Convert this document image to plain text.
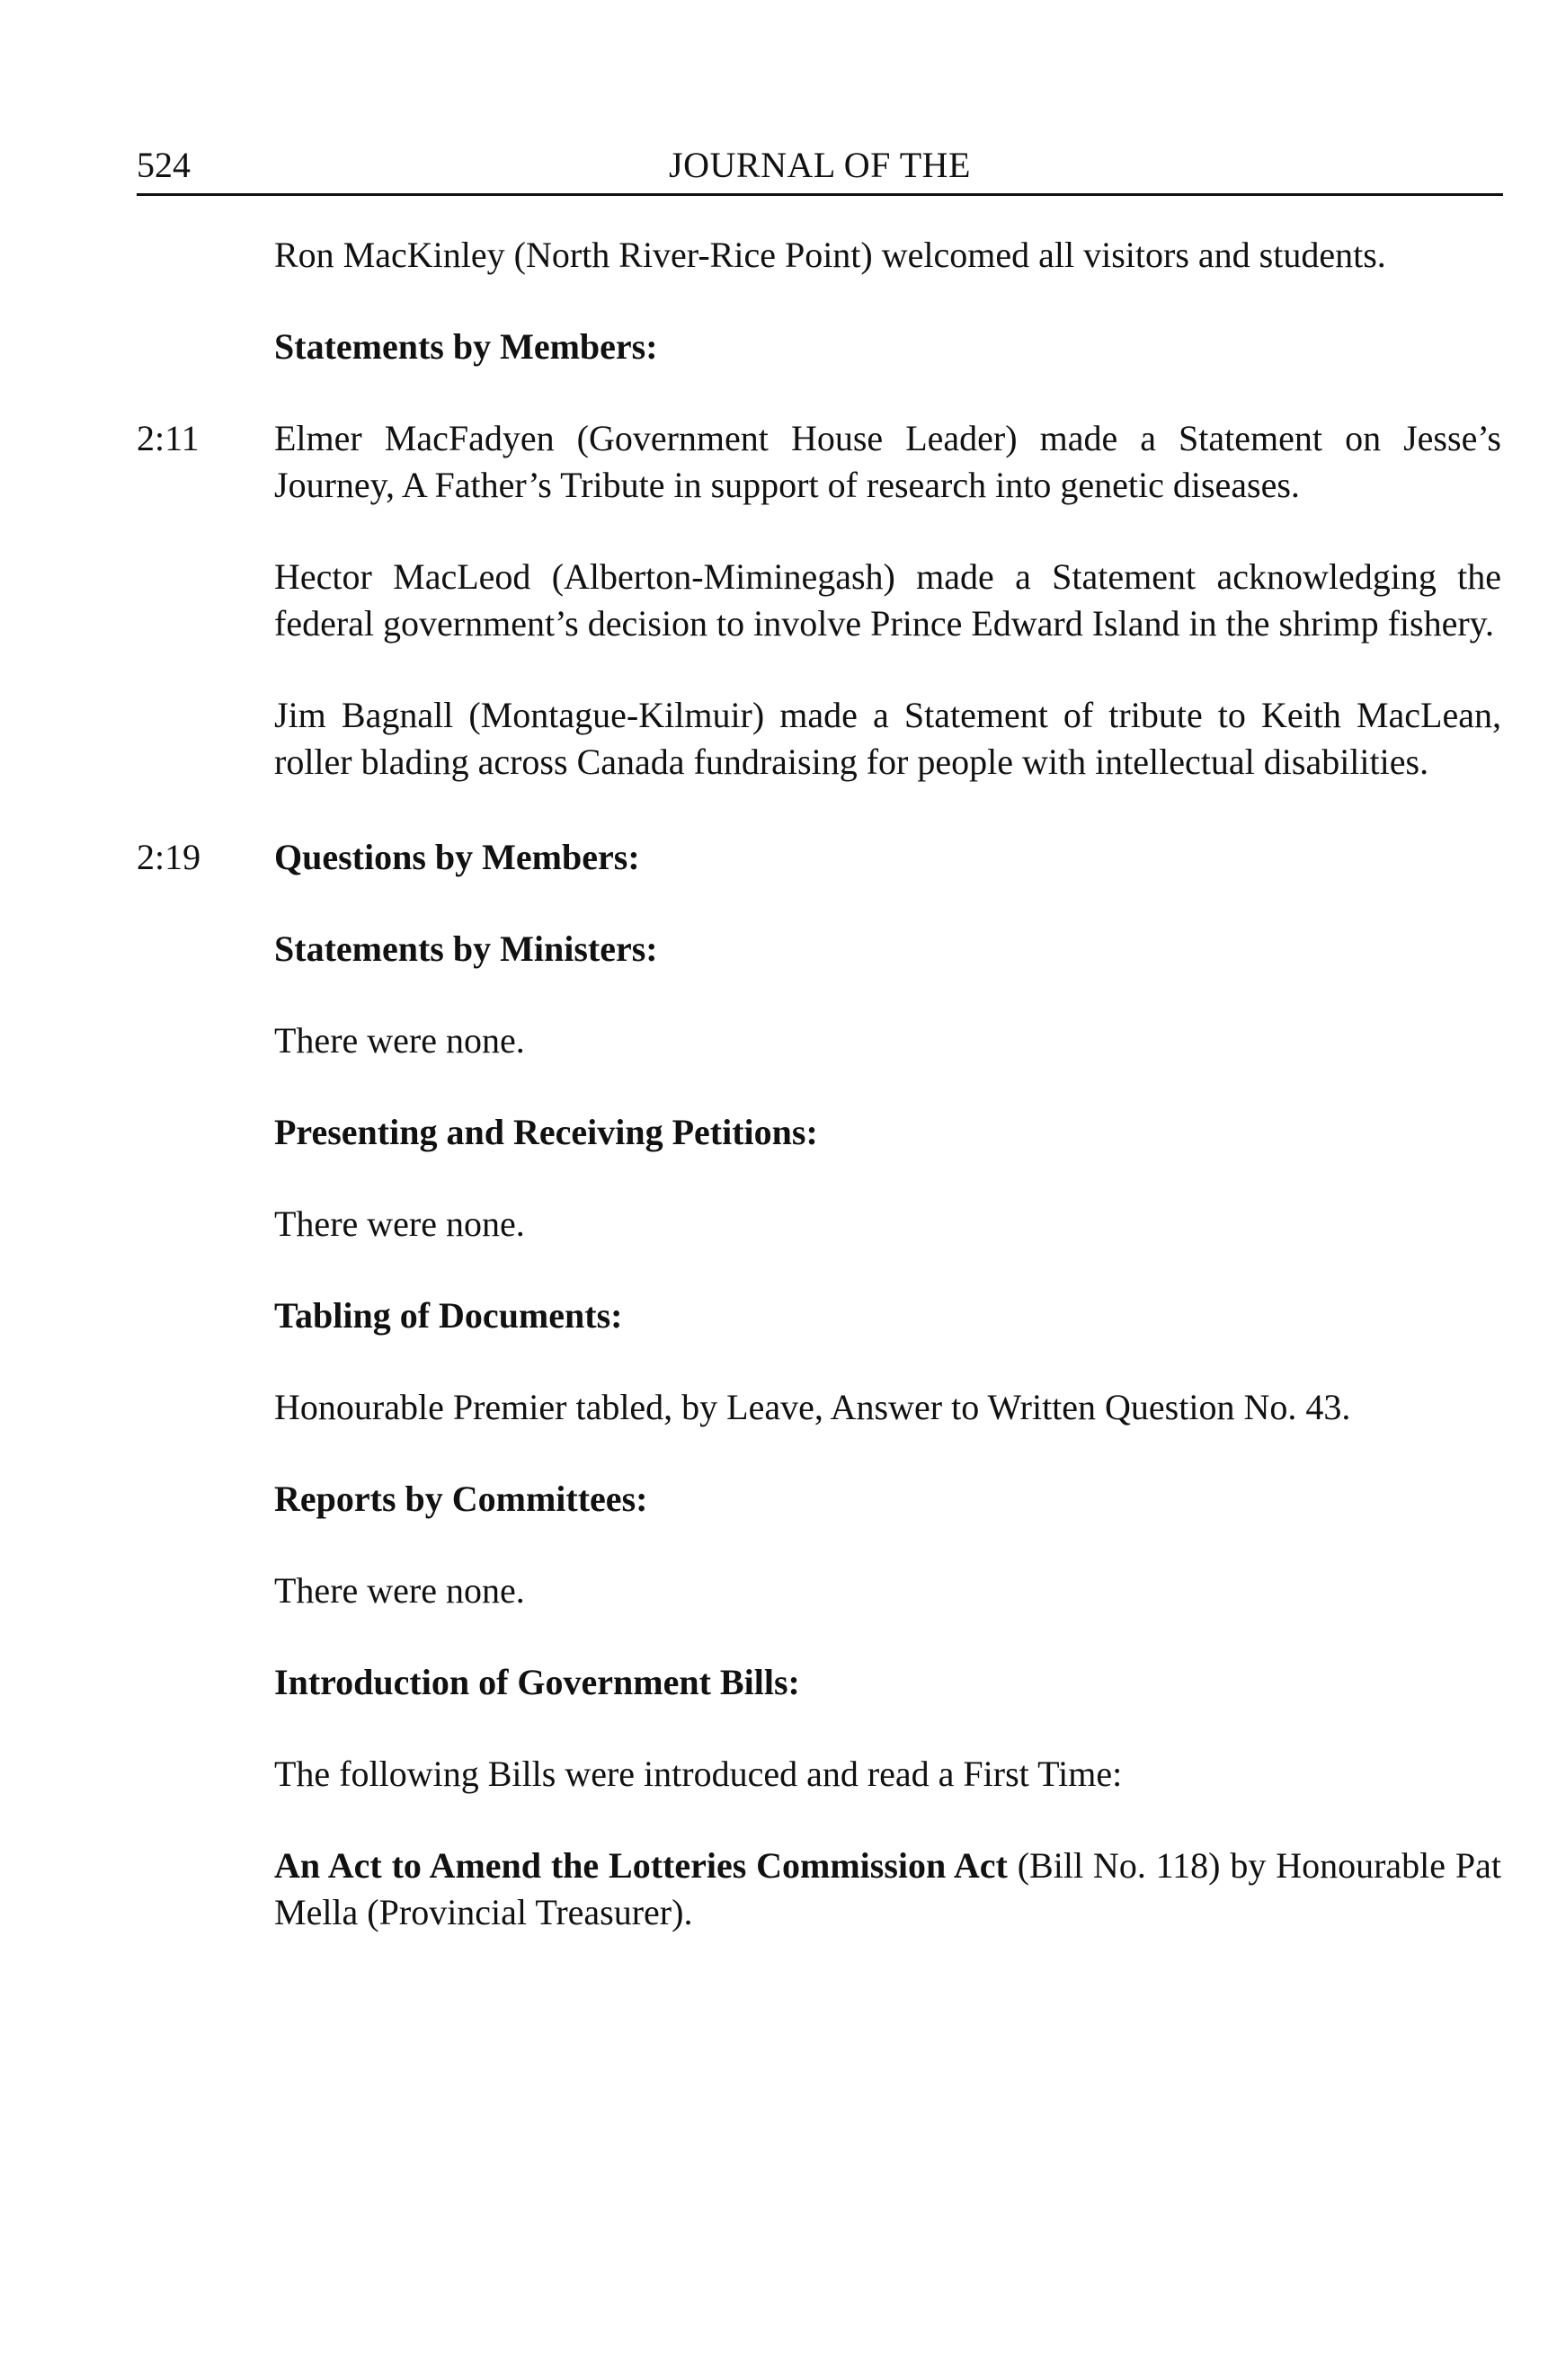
524	JOURNAL OF THE

Ron MacKinley (North River-Rice Point) welcomed all visitors and students.

Statements by Members:

2:11 Elmer MacFadyen (Government House Leader) made a Statement on Jesse’s Journey, A Father’s Tribute in support of research into genetic diseases.

Hector MacLeod (Alberton-Miminegash) made a Statement acknowledging the federal government’s decision to involve Prince Edward Island in the shrimp fishery.

Jim Bagnall (Montague-Kilmuir) made a Statement of tribute to Keith MacLean, roller blading across Canada fundraising for people with intellectual disabilities.

2:19 Questions by Members:

Statements by Ministers:

There were none.

Presenting and Receiving Petitions:

There were none.

Tabling of Documents:

Honourable Premier tabled, by Leave, Answer to Written Question No. 43.

Reports by Committees:

There were none.

Introduction of Government Bills:

The following Bills were introduced and read a First Time:

An Act to Amend the Lotteries Commission Act (Bill No. 118) by Honourable Pat Mella (Provincial Treasurer).
